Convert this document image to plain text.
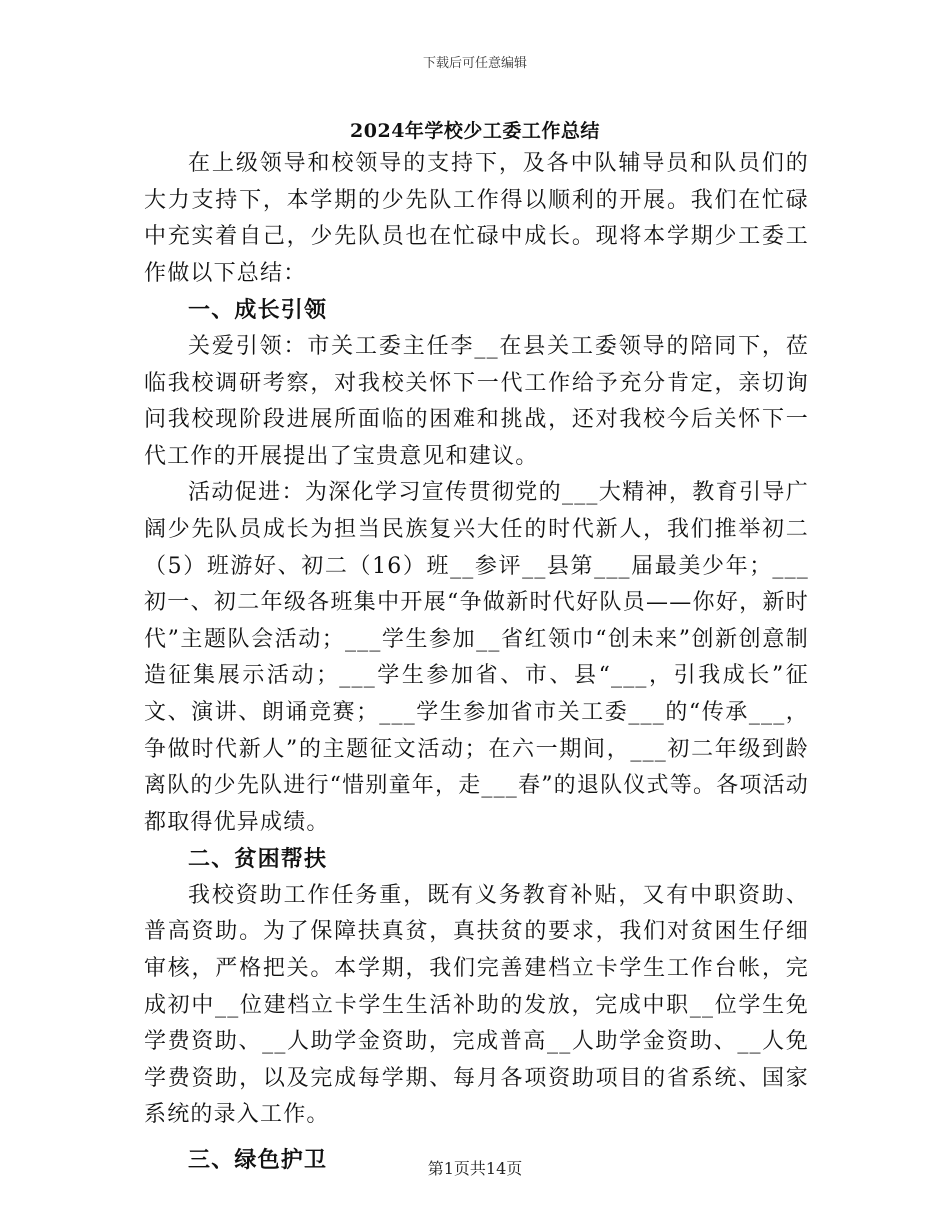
下载后可任意编辑
2024年学校少工委工作总结

在上级领导和校领导的支持下，及各中队辅导员和队员们的大力支持下，本学期的少先队工作得以顺利的开展。我们在忙碌中充实着自己，少先队员也在忙碌中成长。现将本学期少工委工作做以下总结：

一、成长引领

关爱引领：市关工委主任李__在县关工委领导的陪同下，莅临我校调研考察，对我校关怀下一代工作给予充分肯定，亲切询问我校现阶段进展所面临的困难和挑战，还对我校今后关怀下一代工作的开展提出了宝贵意见和建议。

活动促进：为深化学习宣传贯彻党的___大精神，教育引导广阔少先队员成长为担当民族复兴大任的时代新人，我们推举初二（5）班游好、初二（16）班__参评__县第___届最美少年；___初一、初二年级各班集中开展“争做新时代好队员——你好，新时代”主题队会活动；___学生参加__省红领巾“创未来”创新创意制造征集展示活动；___学生参加省、市、县“___，引我成长”征文、演讲、朗诵竞赛；___学生参加省市关工委___的“传承___，争做时代新人”的主题征文活动；在六一期间，___初二年级到龄离队的少先队进行“惜别童年，走___春”的退队仪式等。各项活动都取得优异成绩。

二、贫困帮扶

我校资助工作任务重，既有义务教育补贴，又有中职资助、普高资助。为了保障扶真贫，真扶贫的要求，我们对贫困生仔细审核，严格把关。本学期，我们完善建档立卡学生工作台帐，完成初中__位建档立卡学生生活补助的发放，完成中职__位学生免学费资助、__人助学金资助，完成普高__人助学金资助、__人免学费资助，以及完成每学期、每月各项资助项目的省系统、国家系统的录入工作。

三、绿色护卫	第1页共14页
